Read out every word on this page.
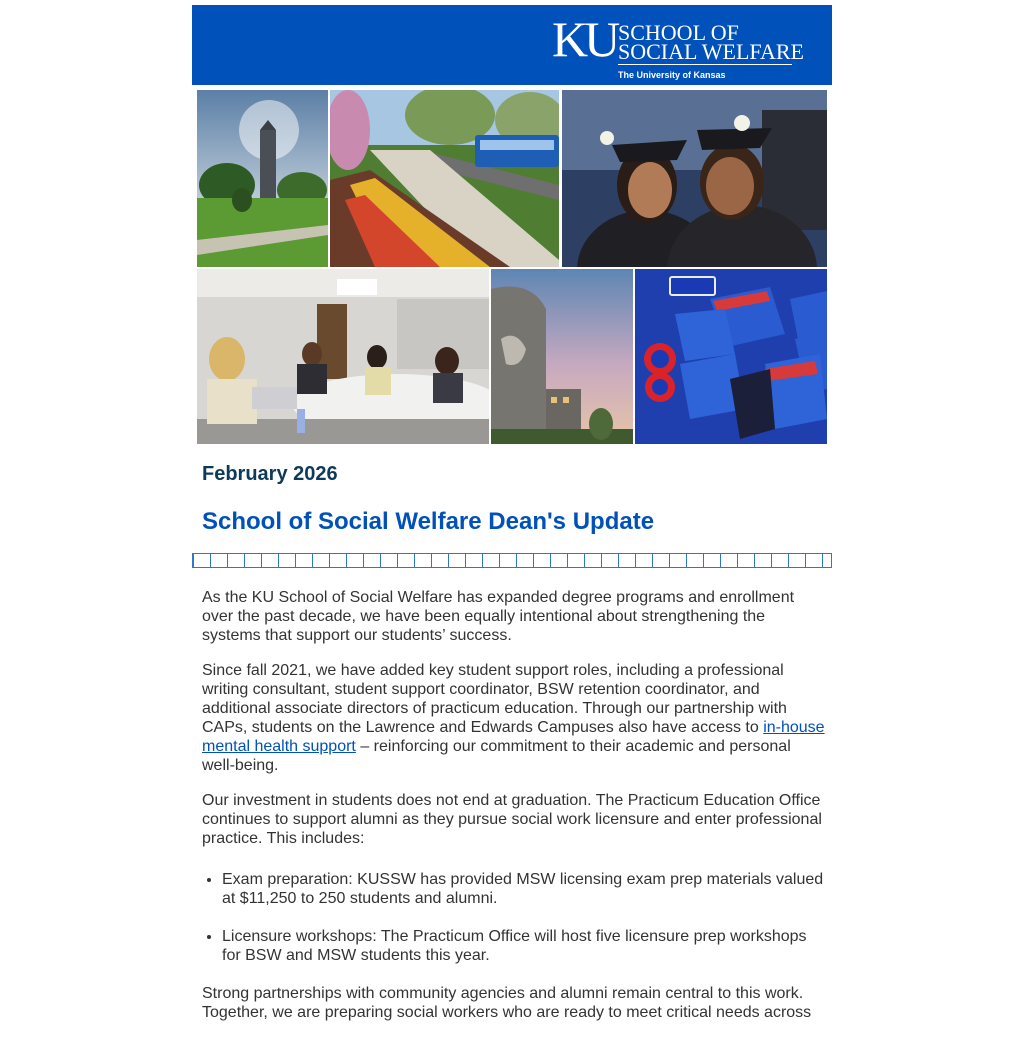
KU SCHOOL OF
SOCIAL WELFARE
The University of Kansas
February 2026
School of Social Welfare Dean's Update

As the KU School of Social Welfare has expanded degree programs and enrollment over the past decade, we have been equally intentional about strengthening the systems that support our students’ success.

Since fall 2021, we have added key student support roles, including a professional writing consultant, student support coordinator, BSW retention coordinator, and additional associate directors of practicum education. Through our partnership with CAPs, students on the Lawrence and Edwards Campuses also have access to in-house mental health support – reinforcing our commitment to their academic and personal well-being.

Our investment in students does not end at graduation. The Practicum Education Office continues to support alumni as they pursue social work licensure and enter professional practice. This includes:

• Exam preparation: KUSSW has provided MSW licensing exam prep materials valued at $11,250 to 250 students and alumni.
• Licensure workshops: The Practicum Office will host five licensure prep workshops for BSW and MSW students this year.

Strong partnerships with community agencies and alumni remain central to this work. Together, we are preparing social workers who are ready to meet critical needs across
